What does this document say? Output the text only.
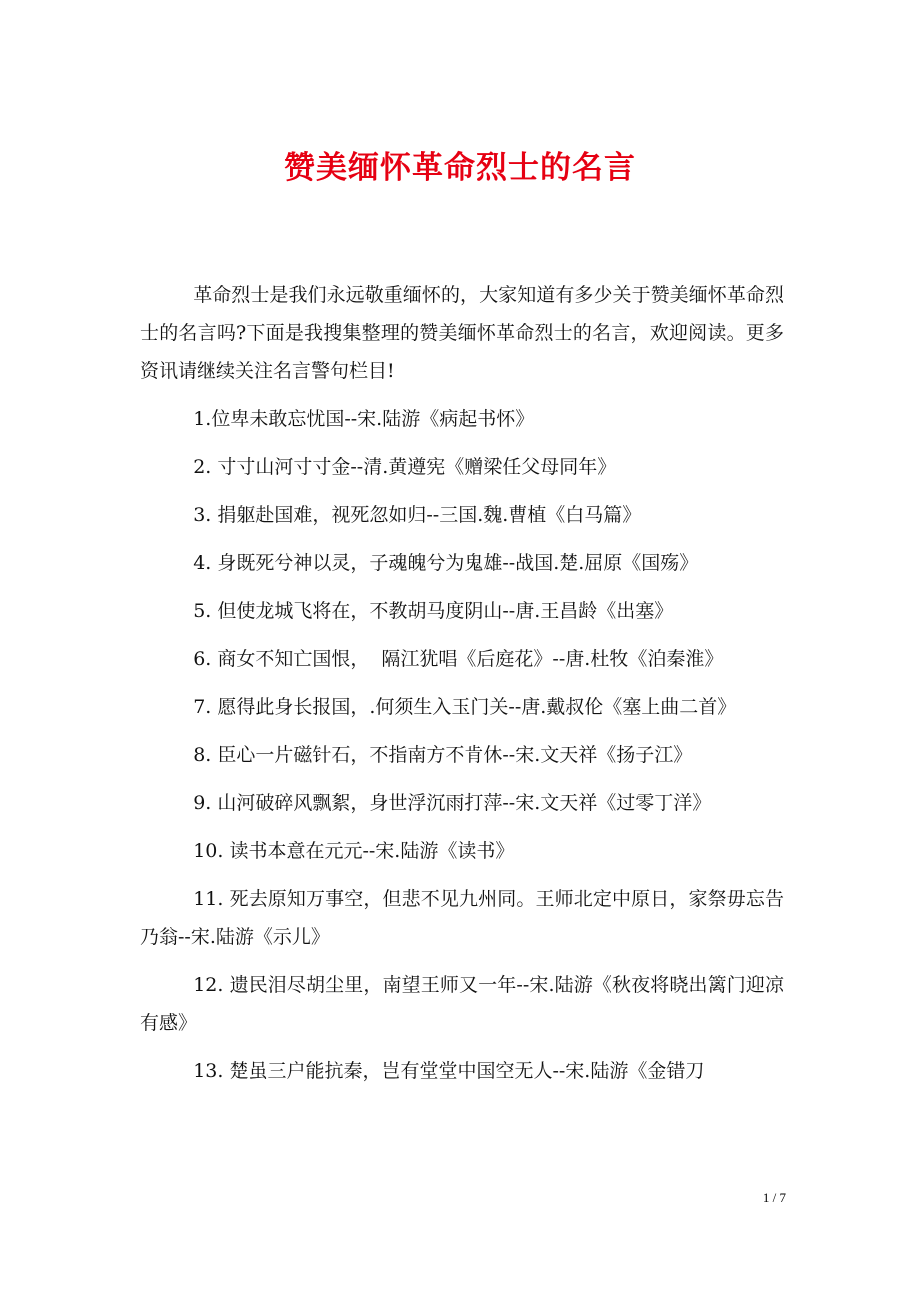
赞美缅怀革命烈士的名言

革命烈士是我们永远敬重缅怀的，大家知道有多少关于赞美缅怀革命烈士的名言吗?下面是我搜集整理的赞美缅怀革命烈士的名言，欢迎阅读。更多资讯请继续关注名言警句栏目!

1.位卑未敢忘忧国--宋.陆游《病起书怀》

2. 寸寸山河寸寸金--清.黄遵宪《赠梁任父母同年》

3. 捐躯赴国难，视死忽如归--三国.魏.曹植《白马篇》

4. 身既死兮神以灵，子魂魄兮为鬼雄--战国.楚.屈原《国殇》

5. 但使龙城飞将在，不教胡马度阴山--唐.王昌龄《出塞》

6. 商女不知亡国恨，  隔江犹唱《后庭花》--唐.杜牧《泊秦淮》

7. 愿得此身长报国，.何须生入玉门关--唐.戴叔伦《塞上曲二首》

8. 臣心一片磁针石，不指南方不肯休--宋.文天祥《扬子江》

9. 山河破碎风飘絮，身世浮沉雨打萍--宋.文天祥《过零丁洋》

10. 读书本意在元元--宋.陆游《读书》

11. 死去原知万事空，但悲不见九州同。王师北定中原日，家祭毋忘告乃翁--宋.陆游《示儿》

12. 遗民泪尽胡尘里，南望王师又一年--宋.陆游《秋夜将晓出篱门迎凉有感》

13. 楚虽三户能抗秦，岂有堂堂中国空无人--宋.陆游《金错刀

1 / 7
